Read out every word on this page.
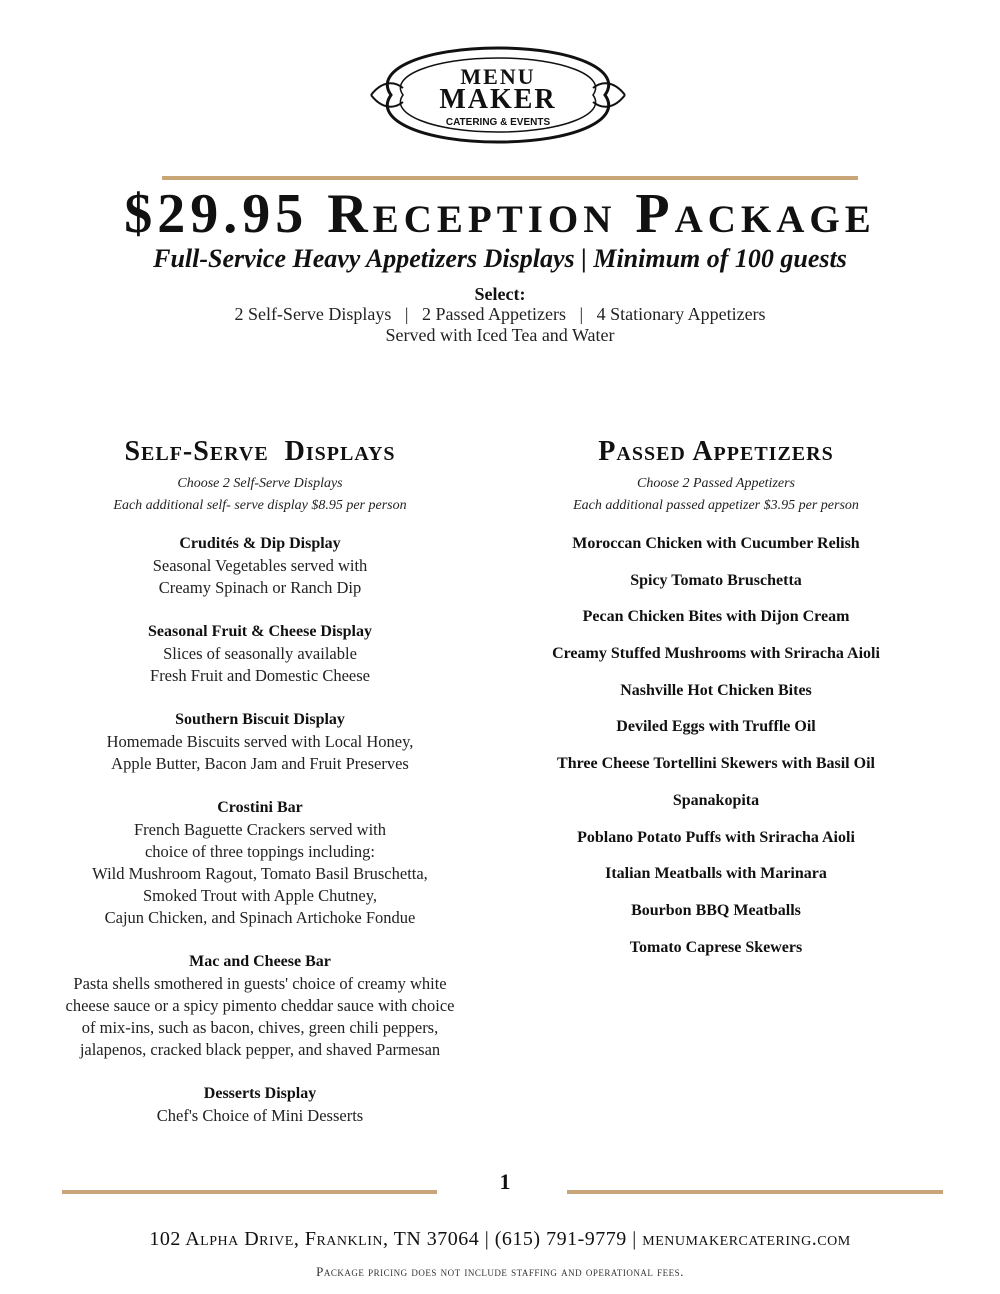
MENU
MAKER
CATERING & EVENTS
$29.95 Reception Package
Full-Service Heavy Appetizers Displays | Minimum of 100 guests
Select:
2 Self-Serve Displays   |   2 Passed Appetizers   |   4 Stationary Appetizers
Served with Iced Tea and Water
Self-Serve  Displays
Choose 2 Self-Serve Displays
Each additional self- serve display $8.95 per person
Crudités & Dip Display
Seasonal Vegetables served with
Creamy Spinach or Ranch Dip
Seasonal Fruit & Cheese Display
Slices of seasonally available
Fresh Fruit and Domestic Cheese
Southern Biscuit Display
Homemade Biscuits served with Local Honey,
Apple Butter, Bacon Jam and Fruit Preserves
Crostini Bar
French Baguette Crackers served with
choice of three toppings including:
Wild Mushroom Ragout, Tomato Basil Bruschetta,
Smoked Trout with Apple Chutney,
Cajun Chicken, and Spinach Artichoke Fondue
Mac and Cheese Bar
Pasta shells smothered in guests' choice of creamy white
cheese sauce or a spicy pimento cheddar sauce with choice
of mix-ins, such as bacon, chives, green chili peppers,
jalapenos, cracked black pepper, and shaved Parmesan
Desserts Display
Chef's Choice of Mini Desserts
Passed Appetizers
Choose 2 Passed Appetizers
Each additional passed appetizer $3.95 per person
Moroccan Chicken with Cucumber Relish
Spicy Tomato Bruschetta
Pecan Chicken Bites with Dijon Cream
Creamy Stuffed Mushrooms with Sriracha Aioli
Nashville Hot Chicken Bites
Deviled Eggs with Truffle Oil
Three Cheese Tortellini Skewers with Basil Oil
Spanakopita
Poblano Potato Puffs with Sriracha Aioli
Italian Meatballs with Marinara
Bourbon BBQ Meatballs
Tomato Caprese Skewers
1
102 Alpha Drive, Franklin, TN 37064 | (615) 791-9779 | menumakercatering.com
Package pricing does not include staffing and operational fees.
